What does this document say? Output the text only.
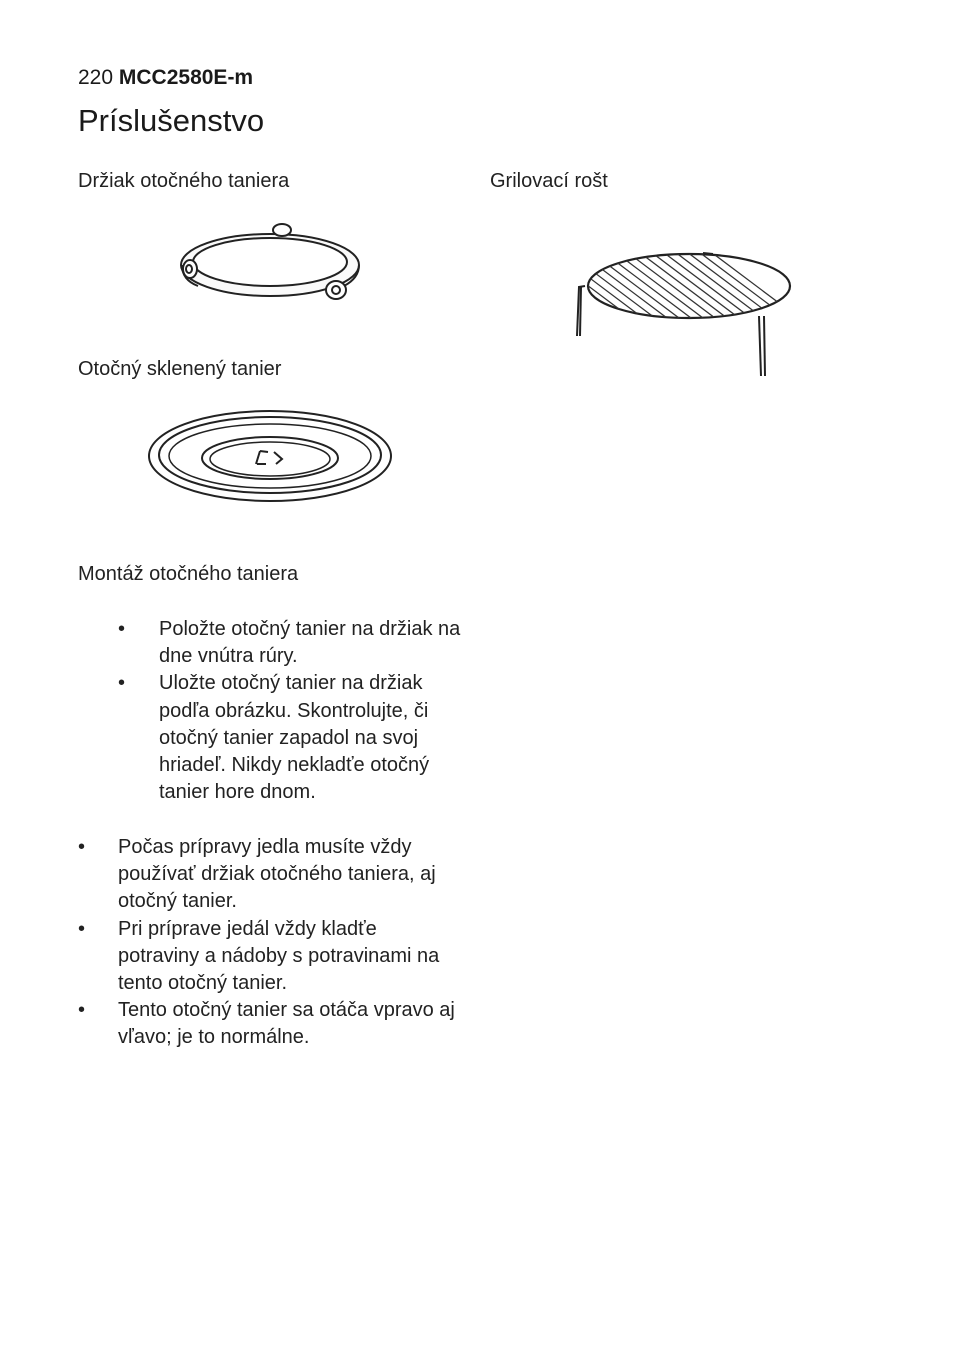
220 MCC2580E-m
Príslušenstvo
Držiak otočného taniera	Grilovací rošt
Otočný sklenený tanier
Montáž otočného taniera
• Položte otočný tanier na držiak na dne vnútra rúry.
• Uložte otočný tanier na držiak podľa obrázku. Skontrolujte, či otočný tanier zapadol na svoj hriadeľ. Nikdy nekladťe otočný tanier hore dnom.
• Počas prípravy jedla musíte vždy používať držiak otočného taniera, aj otočný tanier.
• Pri príprave jedál vždy kladťe potraviny a nádoby s potravinami na tento otočný tanier.
• Tento otočný tanier sa otáča vpravo aj vľavo; je to normálne.
